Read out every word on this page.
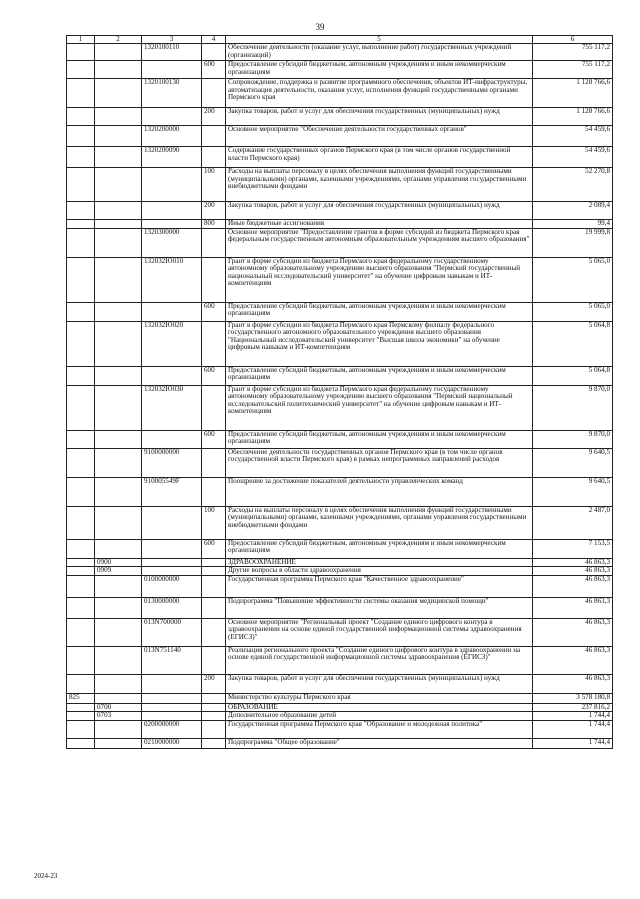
39
1	2	3	4	5	6
		1320100110		Обеспечение деятельности (оказание услуг, выполнение работ) государственных учреждений (организаций)	755 117,2
			600	Предоставление субсидий бюджетным, автономным учреждениям и иным некоммерческим организациям	755 117,2
		1320100130		Сопровождение, поддержка и развитие программного обеспечения, объектов ИТ-инфраструктуры, автоматизация деятельности, оказания услуг, исполнения функций государственными органами Пермского края	1 128 766,6
			200	Закупка товаров, работ и услуг для обеспечения государственных (муниципальных) нужд	1 128 766,6
		1320200000		Основное мероприятие "Обеспечение деятельности государственных органов"	54 459,6
		1320200090		Содержание государственных органов Пермского края (в том числе органов государственной власти Пермского края)	54 459,6
			100	Расходы на выплаты персоналу в целях обеспечения выполнения функций государственными (муниципальными) органами, казенными учреждениями, органами управления государственными внебюджетными фондами	52 270,8
			200	Закупка товаров, работ и услуг для обеспечения государственных (муниципальных) нужд	2 089,4
			800	Иные бюджетные ассигнования	99,4
		1320300000		Основное мероприятие "Предоставление грантов в форме субсидий из бюджета Пермского края федеральным государственным автономным образовательным учреждениям высшего образования"	19 999,8
		132032Ю010		Грант в форме субсидии из бюджета Пермского края федеральному государственному автономному образовательному учреждению высшего образования "Пермский государственный национальный исследовательский университет" на обучение цифровым навыкам и ИТ-компетенциям	5 065,0
			600	Предоставление субсидий бюджетным, автономным учреждениям и иным некоммерческим организациям	5 065,0
		132032Ю020		Грант в форме субсидии из бюджета Пермского края Пермскому филиалу федерального государственного автономного образовательного учреждения высшего образования "Национальный исследовательский университет "Высшая школа экономики" на обучение цифровым навыкам и ИТ-компетенциям	5 064,8
			600	Предоставление субсидий бюджетным, автономным учреждениям и иным некоммерческим организациям	5 064,8
		132032Ю030		Грант в форме субсидии из бюджета Пермского края федеральному государственному автономному образовательному учреждению высшего образования "Пермский национальный исследовательский политехнический университет" на обучение цифровым навыкам и ИТ-компетенциям	9 870,0
			600	Предоставление субсидий бюджетным, автономным учреждениям и иным некоммерческим организациям	9 870,0
		9100000000		Обеспечение деятельности государственных органов Пермского края (в том числе органов государственной власти Пермского края) в рамках непрограммных направлений расходов	9 640,5
		910005549F		Поощрение за достижение показателей деятельности управленческих команд	9 640,5
			100	Расходы на выплаты персоналу в целях обеспечения выполнения функций государственными (муниципальными) органами, казенными учреждениями, органами управления государственными внебюджетными фондами	2 487,0
			600	Предоставление субсидий бюджетным, автономным учреждениям и иным некоммерческим организациям	7 153,5
	0900			ЗДРАВООХРАНЕНИЕ	46 863,3
	0909			Другие вопросы в области здравоохранения	46 863,3
		0100000000		Государственная программа Пермского края "Качественное здравоохранение"	46 863,3
		0130000000		Подпрограмма "Повышение эффективности системы оказания медицинской помощи"	46 863,3
		013N700000		Основное мероприятие "Региональный проект "Создание единого цифрового контура в здравоохранении на основе единой государственной информационной системы здравоохранения (ЕГИСЗ)"	46 863,3
		013N751140		Реализация регионального проекта "Создание единого цифрового контура в здравоохранении на основе единой государственной информационной системы здравоохранения (ЕГИСЗ)"	46 863,3
			200	Закупка товаров, работ и услуг для обеспечения государственных (муниципальных) нужд	46 863,3
825				Министерство культуры Пермского края	3 578 180,8
	0700			ОБРАЗОВАНИЕ	237 816,2
	0703			Дополнительное образование детей	1 744,4
		0200000000		Государственная программа Пермского края "Образование и молодежная политика"	1 744,4
		0210000000		Подпрограмма "Общее образование"	1 744,4
2024-23
